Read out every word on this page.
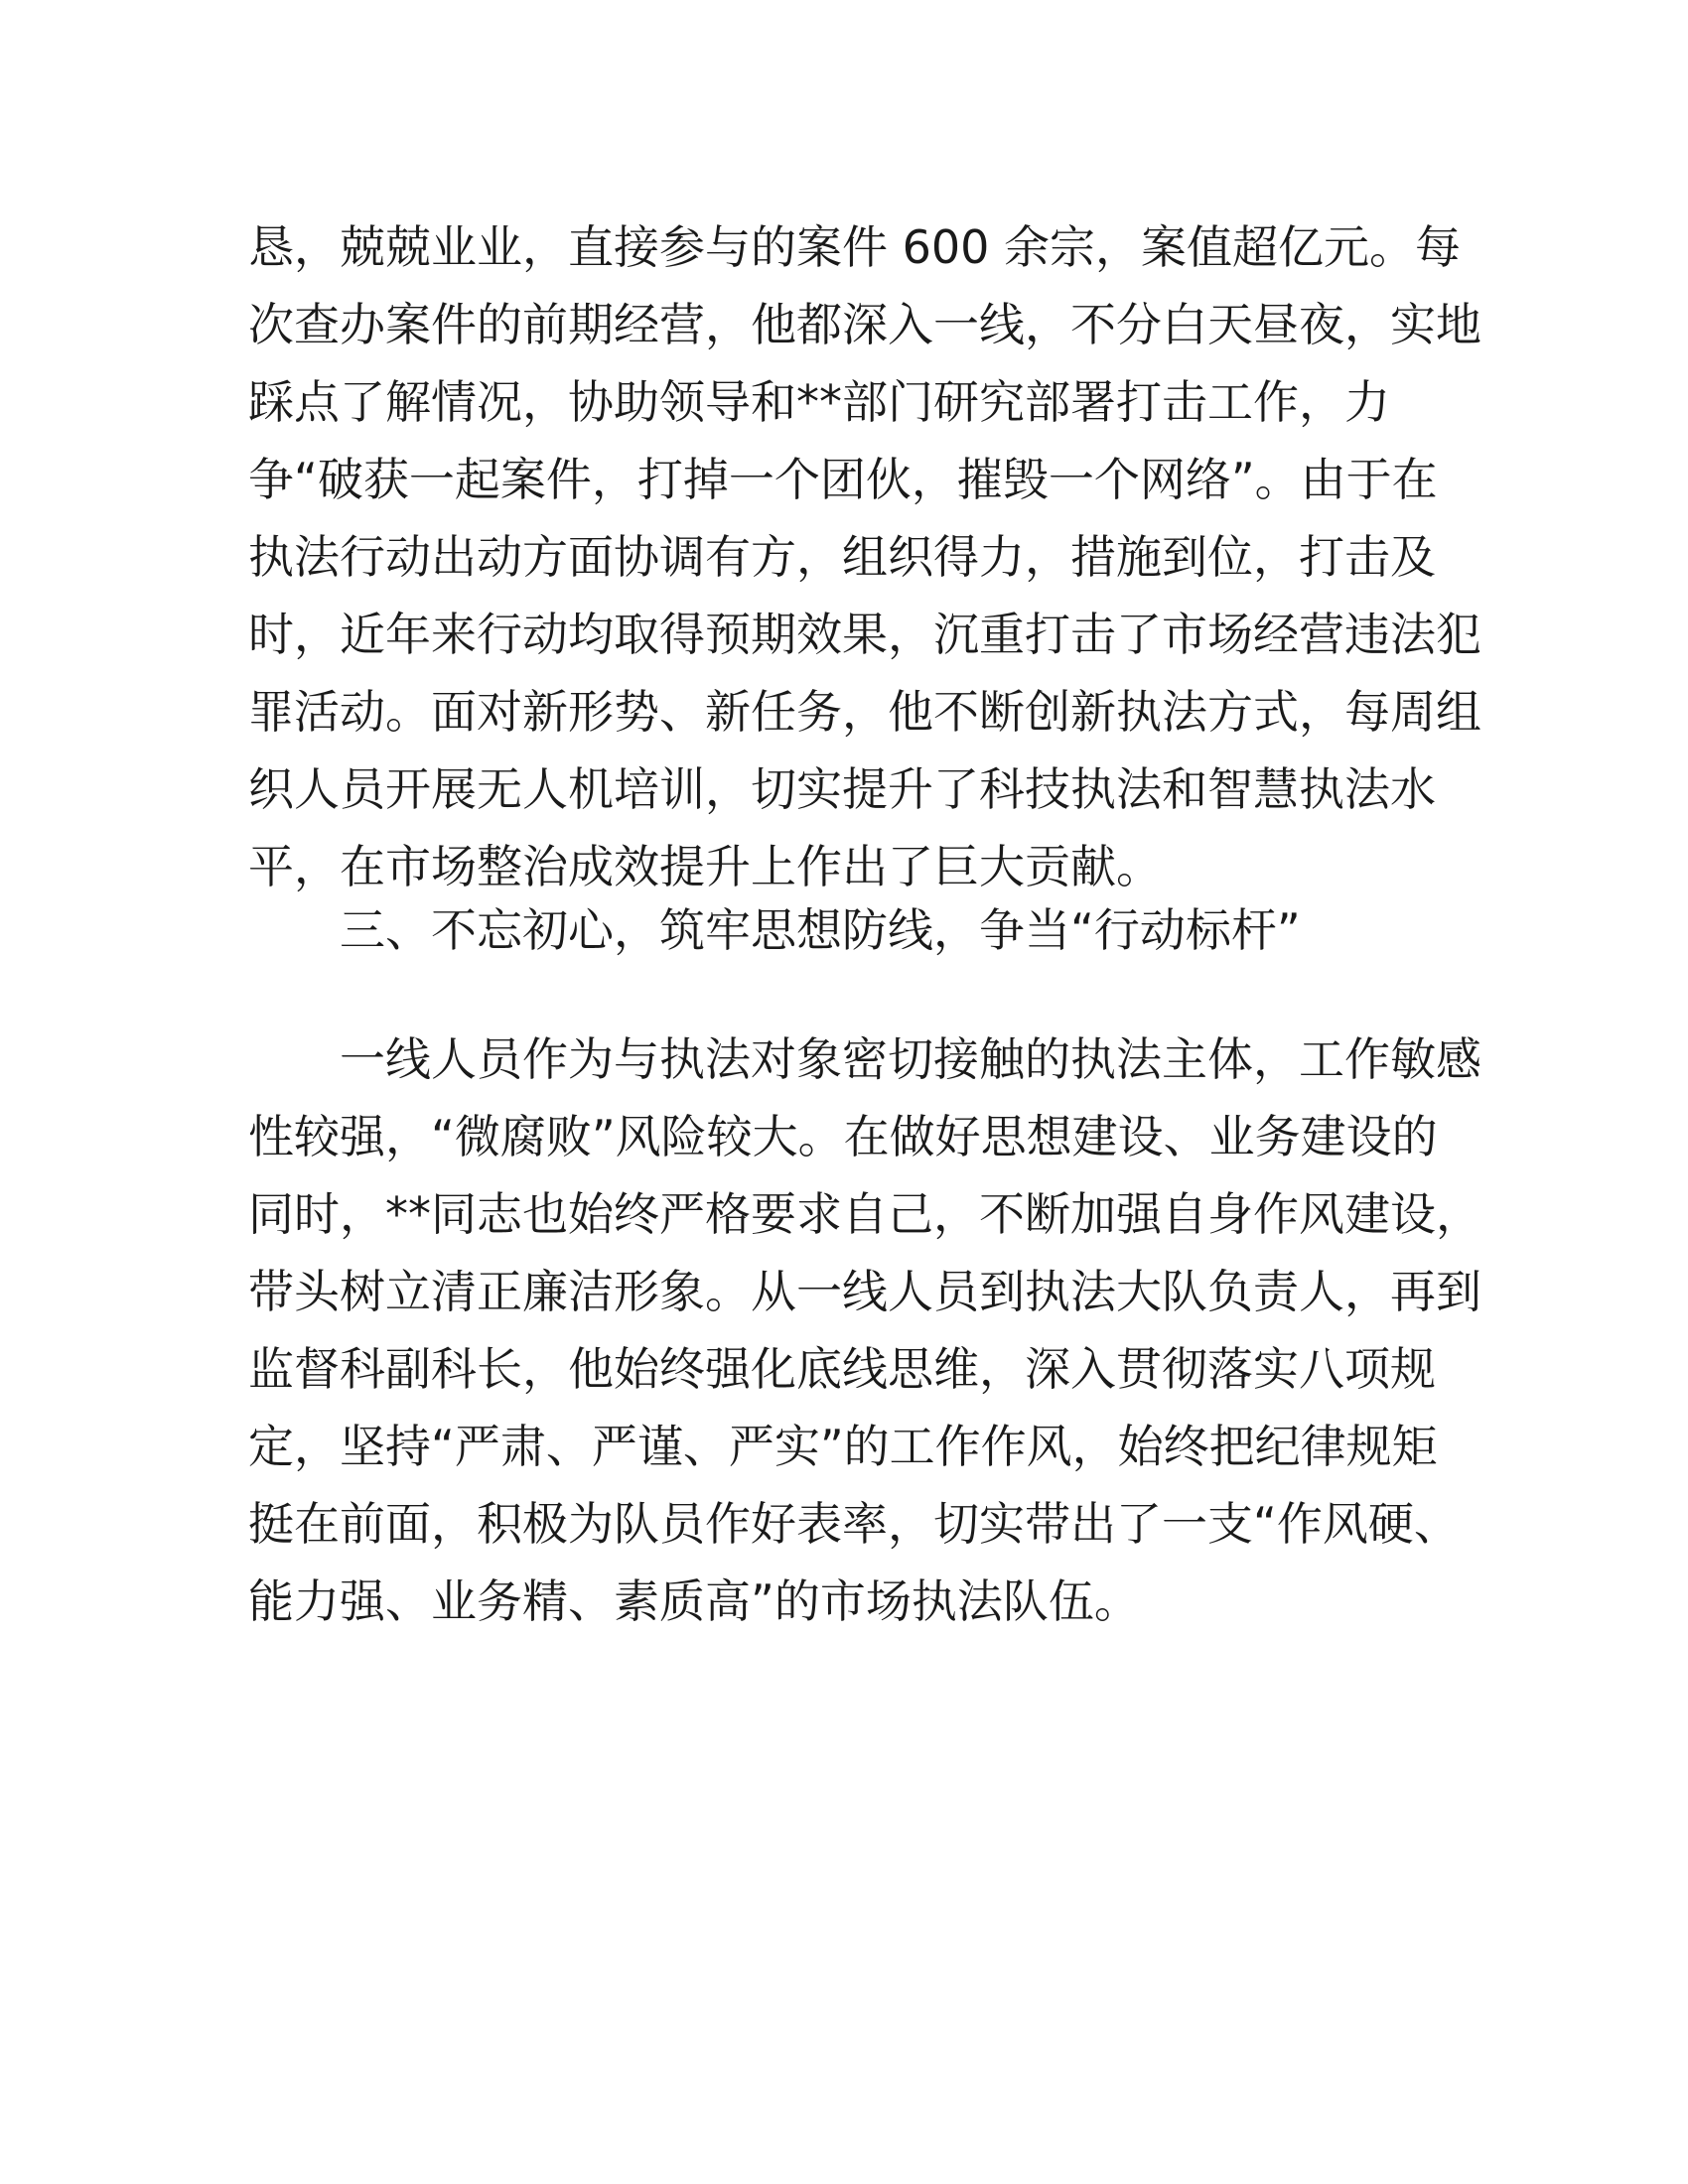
恳，兢兢业业，直接参与的案件 600 余宗，案值超亿元。每
次查办案件的前期经营，他都深入一线，不分白天昼夜，实地
踩点了解情况，协助领导和**部门研究部署打击工作，力
争“破获一起案件，打掉一个团伙，摧毁一个网络”。由于在
执法行动出动方面协调有方，组织得力，措施到位，打击及
时，近年来行动均取得预期效果，沉重打击了市场经营违法犯
罪活动。面对新形势、新任务，他不断创新执法方式，每周组
织人员开展无人机培训，切实提升了科技执法和智慧执法水
平，在市场整治成效提升上作出了巨大贡献。
三、不忘初心，筑牢思想防线，争当“行动标杆”
一线人员作为与执法对象密切接触的执法主体，工作敏感
性较强，“微腐败”风险较大。在做好思想建设、业务建设的
同时，**同志也始终严格要求自己，不断加强自身作风建设，
带头树立清正廉洁形象。从一线人员到执法大队负责人，再到
监督科副科长，他始终强化底线思维，深入贯彻落实八项规
定，坚持“严肃、严谨、严实”的工作作风，始终把纪律规矩
挺在前面，积极为队员作好表率，切实带出了一支“作风硬、
能力强、业务精、素质高”的市场执法队伍。
